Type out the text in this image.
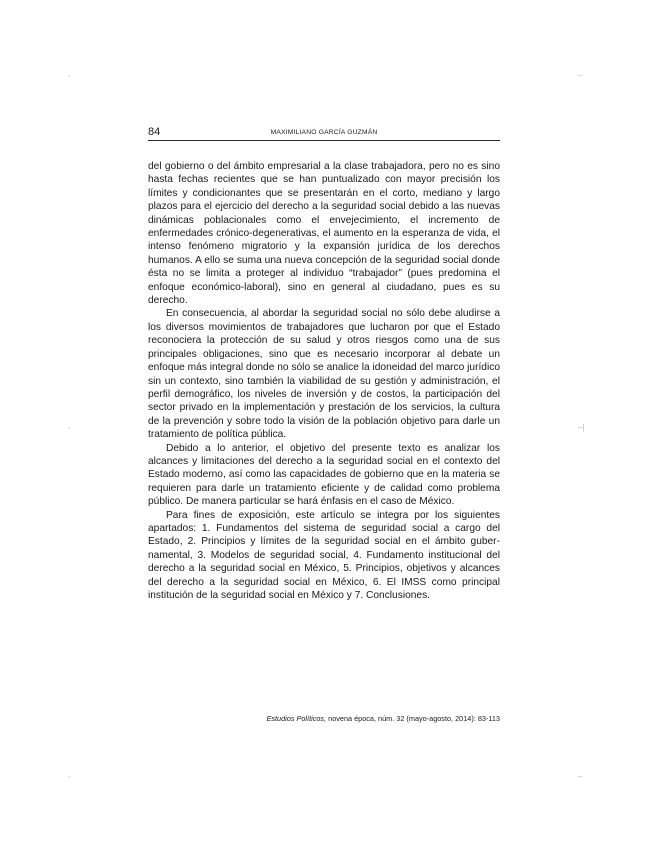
-	–
-	–|
-	–
84	MAXIMILIANO GARCÍA GUZMÁN

del gobierno o del ámbito empresarial a la clase trabajadora, pero no es sino hasta fechas recientes que se han puntualizado con mayor precisión los límites y condicionantes que se presentarán en el corto, mediano y largo plazos para el ejercicio del derecho a la seguridad social debido a las nuevas dinámicas poblacionales como el envejecimiento, el incremento de enfermedades crónico-degenerativas, el aumento en la esperanza de vida, el intenso fenómeno migratorio y la expansión jurídica de los derechos humanos. A ello se suma una nueva concepción de la seguridad social donde ésta no se limita a proteger al individuo “trabajador” (pues predomina el enfoque económico-laboral), sino en general al ciudadano, pues es su derecho.

En consecuencia, al abordar la seguridad social no sólo debe aludirse a los diversos movimientos de trabajadores que lucharon por que el Estado reconociera la protección de su salud y otros riesgos como una de sus principales obligaciones, sino que es necesario incorporar al debate un enfoque más integral donde no sólo se analice la idoneidad del marco jurídico sin un contexto, sino también la viabilidad de su gestión y administración, el perfil demográfico, los niveles de inversión y de costos, la participación del sector privado en la implementación y prestación de los servicios, la cultura de la prevención y sobre todo la visión de la población objetivo para darle un tratamiento de política pública.

Debido a lo anterior, el objetivo del presente texto es analizar los alcances y limitaciones del derecho a la seguridad social en el contexto del Estado moderno, así como las capacidades de gobierno que en la materia se requieren para darle un tratamiento eficiente y de calidad como problema público. De manera particular se hará énfasis en el caso de México.

Para fines de exposición, este artículo se integra por los siguientes apartados: 1. Fundamentos del sistema de seguridad social a cargo del Estado, 2. Principios y límites de la seguridad social en el ámbito gubernamental, 3. Modelos de seguridad social, 4. Fundamento institucional del derecho a la seguridad social en México, 5. Principios, objetivos y alcances del derecho a la seguridad social en México, 6. El IMSS como principal institución de la seguridad social en México y 7. Conclusiones.

Estudios Políticos, novena época, núm. 32 (mayo-agosto, 2014): 83-113
